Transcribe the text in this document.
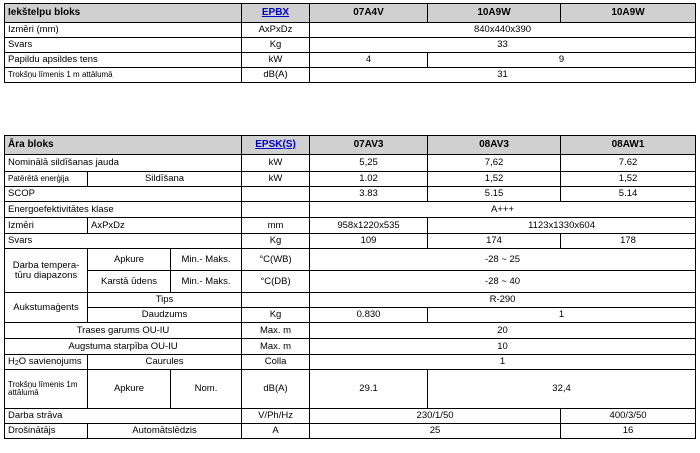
Iekštelpu bloks	EPBX	07A4V	10A9W	10A9W
Izmēri (mm)	AxPxDz	840x440x390		
Svars	Kg	33		
Papildu apsildes tens	kW	4	9	
Trokšņu līmenis 1 m attālumā	dB(A)	31		
Āra bloks			EPSK(S)	07AV3	08AV3	08AW1
Nominālā sildīšanas jauda			kW	5,25	7,62	7.62
Patērētā enerģija	Sildīšana		kW	1.02	1,52	1,52
SCOP				3.83	5.15	5.14
Energoefektivitātes klase				A+++		
Izmēri	AxPxDz		mm	958x1220x535	1123x1330x604	
Svars			Kg	109	174	178
Darba tempera-tūru diapazons	Apkure	Min.- Maks.	°C(WB)	-28 ~ 25		
	Karstā ūdens	Min.- Maks.	°C(DB)	-28 ~ 40		
Aukstumaģents	Tips			R-290		
	Daudzums		Kg	0.830	1	
Trases garums OU-IU			Max. m	20		
Augstuma starpība OU-IU			Max. m	10		
H2O savienojums	Caurules		Colla	1		
Trokšņu līmenis 1m attālumā	Apkure	Nom.	dB(A)	29.1	32,4	
Darba strāva			V/Ph/Hz	230/1/50		400/3/50
Drošinātājs	Automātslēdzis		A	25		16
